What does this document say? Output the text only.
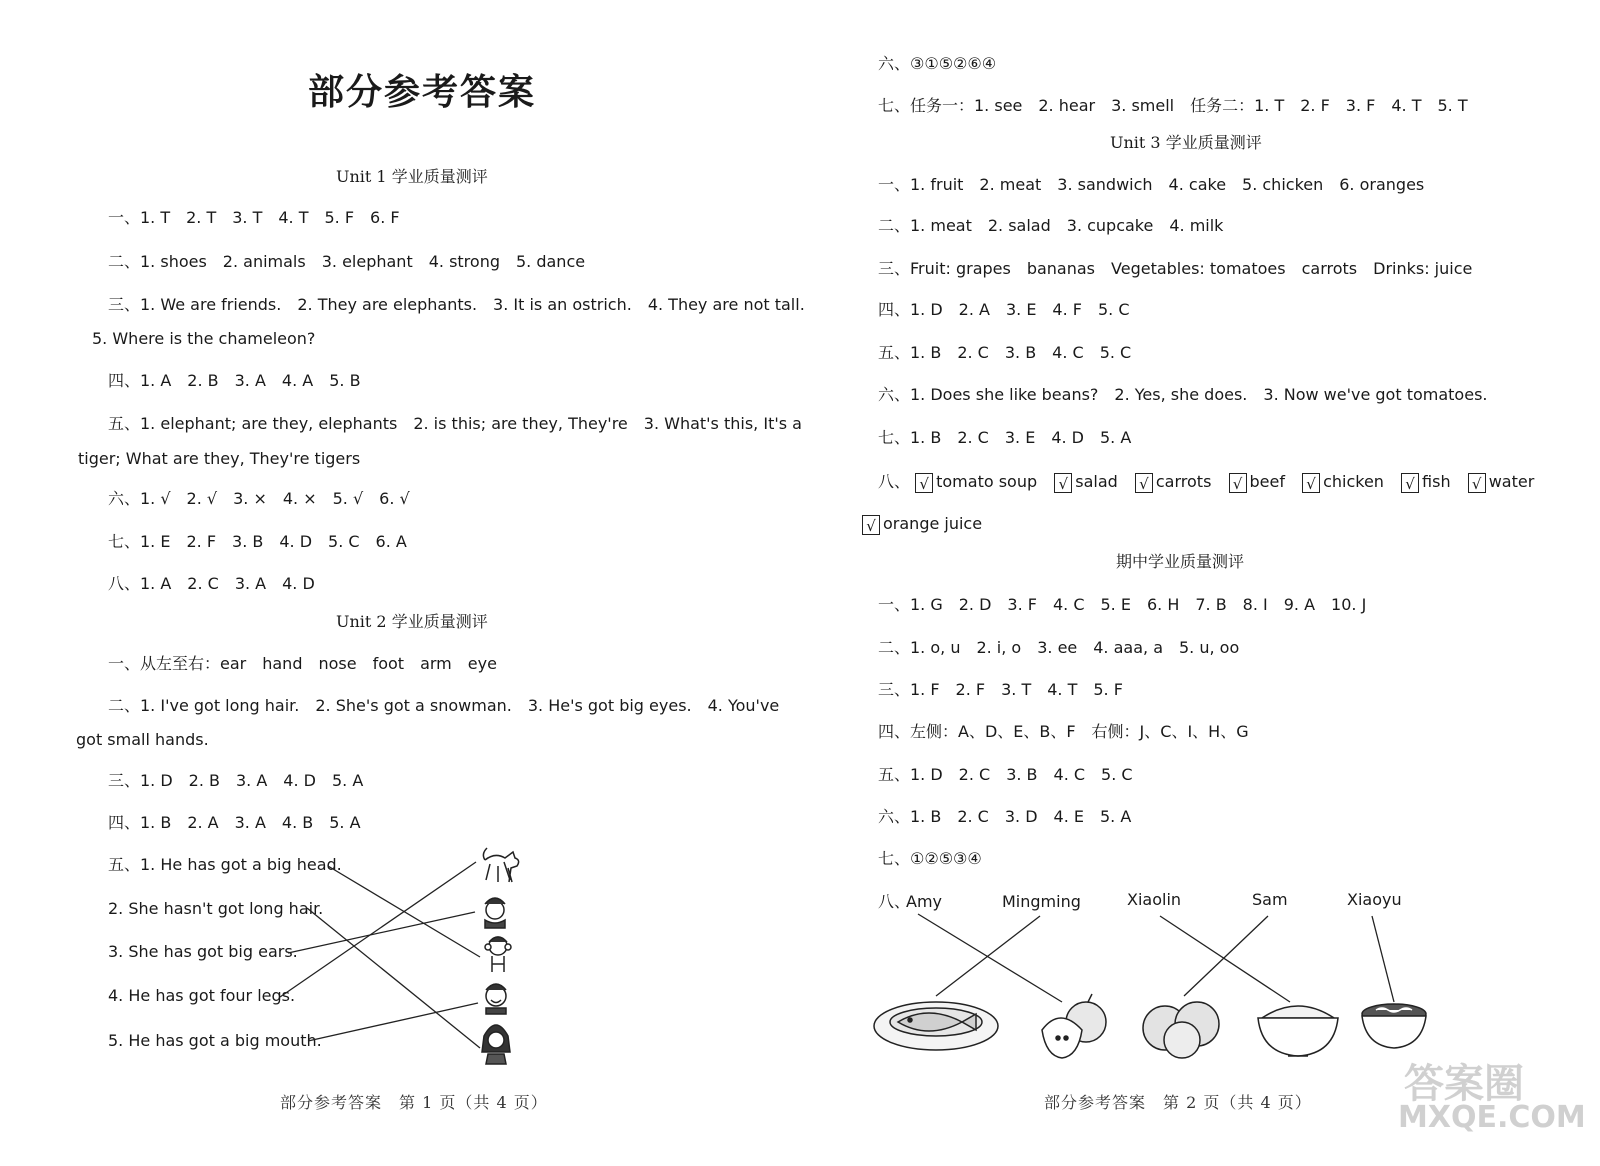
部分参考答案
Unit 1 学业质量测评
一、1. T　2. T　3. T　4. T　5. F　6. F
二、1. shoes　2. animals　3. elephant　4. strong　5. dance
三、1. We are friends.　2. They are elephants.　3. It is an ostrich.　4. They are not tall.
5. Where is the chameleon?
四、1. A　2. B　3. A　4. A　5. B
五、1. elephant; are they, elephants　2. is this; are they, They're　3. What's this, It's a
tiger; What are they, They're tigers
六、1. √　2. √　3. ×　4. ×　5. √　6. √
七、1. E　2. F　3. B　4. D　5. C　6. A
八、1. A　2. C　3. A　4. D
Unit 2 学业质量测评
一、从左至右：ear　hand　nose　foot　arm　eye
二、1. I've got long hair.　2. She's got a snowman.　3. He's got big eyes.　4. You've
got small hands.
三、1. D　2. B　3. A　4. D　5. A
四、1. B　2. A　3. A　4. B　5. A
五、1. He has got a big head.
2. She hasn't got long hair.
3. She has got big ears.
4. He has got four legs.
5. He has got a big mouth.
部分参考答案　第 1 页（共 4 页）
六、③①⑤②⑥④
七、任务一：1. see　2. hear　3. smell　任务二：1. T　2. F　3. F　4. T　5. T
Unit 3 学业质量测评
一、1. fruit　2. meat　3. sandwich　4. cake　5. chicken　6. oranges
二、1. meat　2. salad　3. cupcake　4. milk
三、Fruit: grapes　bananas　Vegetables: tomatoes　carrots　Drinks: juice
四、1. D　2. A　3. E　4. F　5. C
五、1. B　2. C　3. B　4. C　5. C
六、1. Does she like beans?　2. Yes, she does.　3. Now we've got tomatoes.
七、1. B　2. C　3. E　4. D　5. A
八、 √ tomato soup √ salad √ carrots √ beef √ chicken √ fish √ water
√ orange juice
期中学业质量测评
一、1. G　2. D　3. F　4. C　5. E　6. H　7. B　8. I　9. A　10. J
二、1. o, u　2. i, o　3. ee　4. aaa, a　5. u, oo
三、1. F　2. F　3. T　4. T　5. F
四、左侧：A、D、E、B、F　右侧：J、C、I、H、G
五、1. D　2. C　3. B　4. C　5. C
六、1. B　2. C　3. D　4. E　5. A
七、①②⑤③④
八、
Amy	Mingming	Xiaolin	Sam	Xiaoyu
部分参考答案　第 2 页（共 4 页） 答案圈
MXQE.COM
